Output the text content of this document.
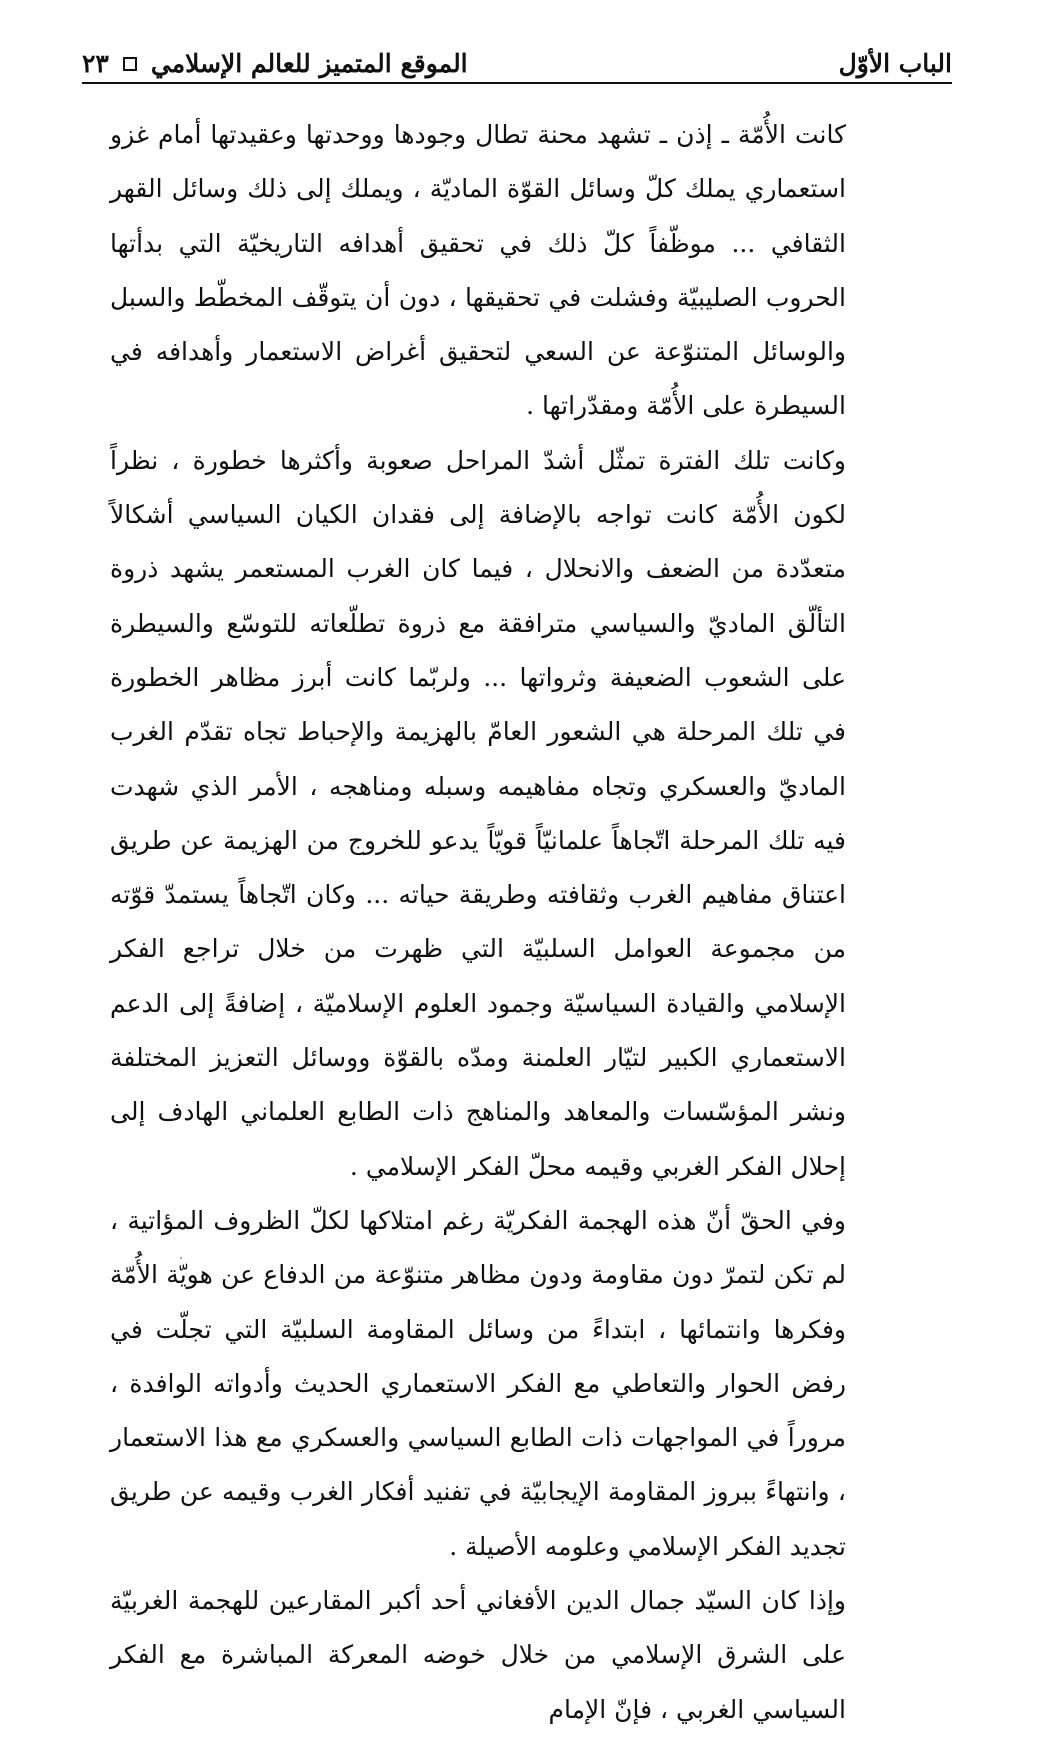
الباب الأوّل
الموقع المتميز للعالم الإسلامي
٢٣

كانت الأُمّة ـ إذن ـ تشهد محنة تطال وجودها ووحدتها وعقيدتها أمام غزو استعماري يملك كلّ وسائل القوّة الماديّة ، ويملك إلى ذلك وسائل القهر الثقافي ... موظّفاً كلّ ذلك في تحقيق أهدافه التاريخيّة التي بدأتها الحروب الصليبيّة وفشلت في تحقيقها ، دون أن يتوقّف المخطّط والسبل والوسائل المتنوّعة عن السعي لتحقيق أغراض الاستعمار وأهدافه في السيطرة على الأُمّة ومقدّراتها .

وكانت تلك الفترة تمثّل أشدّ المراحل صعوبة وأكثرها خطورة ، نظراً لكون الأُمّة كانت تواجه بالإضافة إلى فقدان الكيان السياسي أشكالاً متعدّدة من الضعف والانحلال ، فيما كان الغرب المستعمر يشهد ذروة التألّق الماديّ والسياسي مترافقة مع ذروة تطلّعاته للتوسّع والسيطرة على الشعوب الضعيفة وثرواتها ... ولربّما كانت أبرز مظاهر الخطورة في تلك المرحلة هي الشعور العامّ بالهزيمة والإحباط تجاه تقدّم الغرب الماديّ والعسكري وتجاه مفاهيمه وسبله ومناهجه ، الأمر الذي شهدت فيه تلك المرحلة اتّجاهاً علمانيّاً قويّاً يدعو للخروج من الهزيمة عن طريق اعتناق مفاهيم الغرب وثقافته وطريقة حياته ... وكان اتّجاهاً يستمدّ قوّته من مجموعة العوامل السلبيّة التي ظهرت من خلال تراجع الفكر الإسلامي والقيادة السياسيّة وجمود العلوم الإسلاميّة ، إضافةً إلى الدعم الاستعماري الكبير لتيّار العلمنة ومدّه بالقوّة ووسائل التعزيز المختلفة ونشر المؤسّسات والمعاهد والمناهج ذات الطابع العلماني الهادف إلى إحلال الفكر الغربي وقيمه محلّ الفكر الإسلامي .

وفي الحقّ أنّ هذه الهجمة الفكريّة رغم امتلاكها لكلّ الظروف المؤاتية ، لم تكن لتمرّ دون مقاومة ودون مظاهر متنوّعة من الدفاع عن هويّة الأُمّة وفكرها وانتمائها ، ابتداءً من وسائل المقاومة السلبيّة التي تجلّت في رفض الحوار والتعاطي مع الفكر الاستعماري الحديث وأدواته الوافدة ، مروراً في المواجهات ذات الطابع السياسي والعسكري مع هذا الاستعمار ، وانتهاءً ببروز المقاومة الإيجابيّة في تفنيد أفكار الغرب وقيمه عن طريق تجديد الفكر الإسلامي وعلومه الأصيلة .

وإذا كان السيّد جمال الدين الأفغاني أحد أكبر المقارعين للهجمة الغربيّة على الشرق الإسلامي من خلال خوضه المعركة المباشرة مع الفكر السياسي الغربي ، فإنّ الإمام
